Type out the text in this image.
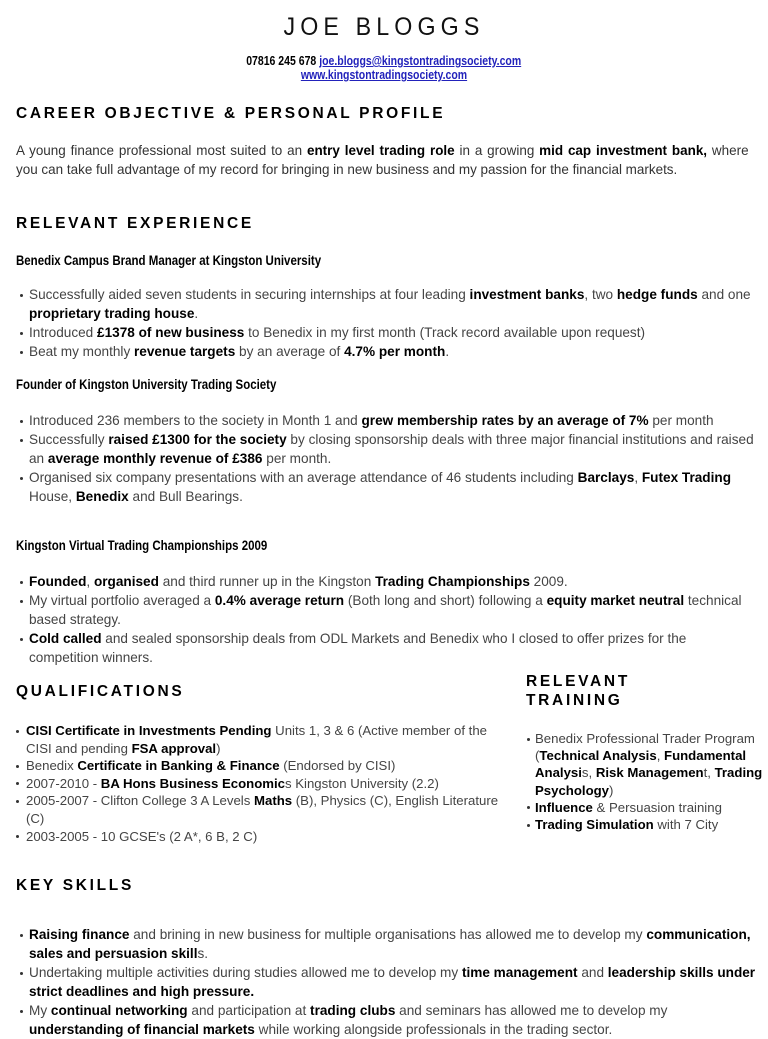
JOE BLOGGS
07816 245 678 joe.bloggs@kingstontradingsociety.com
www.kingstontradingsociety.com
CAREER OBJECTIVE & PERSONAL PROFILE
A young finance professional most suited to an entry level trading role in a growing mid cap investment bank, where you can take full advantage of my record for bringing in new business and my passion for the financial markets.
RELEVANT EXPERIENCE
Benedix Campus Brand Manager at Kingston University
Successfully aided seven students in securing internships at four leading investment banks, two hedge funds and one proprietary trading house.
Introduced £1378 of new business to Benedix in my first month (Track record available upon request)
Beat my monthly revenue targets by an average of 4.7% per month.
Founder of Kingston University Trading Society
Introduced 236 members to the society in Month 1 and grew membership rates by an average of 7% per month
Successfully raised £1300 for the society by closing sponsorship deals with three major financial institutions and raised an average monthly revenue of £386 per month.
Organised six company presentations with an average attendance of 46 students including Barclays, Futex Trading House, Benedix and Bull Bearings.
Kingston Virtual Trading Championships 2009
Founded, organised and third runner up in the Kingston Trading Championships 2009.
My virtual portfolio averaged a 0.4% average return (Both long and short) following a equity market neutral technical based strategy.
Cold called and sealed sponsorship deals from ODL Markets and Benedix who I closed to offer prizes for the competition winners.
QUALIFICATIONS
CISI Certificate in Investments Pending Units 1, 3 & 6 (Active member of the CISI and pending FSA approval)
Benedix Certificate in Banking & Finance (Endorsed by CISI)
2007-2010 - BA Hons Business Economics Kingston University (2.2)
2005-2007 - Clifton College 3 A Levels Maths (B), Physics (C), English Literature (C)
2003-2005 - 10 GCSE's (2 A*, 6 B, 2 C)
RELEVANT
TRAINING
Benedix Professional Trader Program (Technical Analysis, Fundamental Analysis, Risk Management, Trading Psychology)
Influence & Persuasion training
Trading Simulation with 7 City
KEY SKILLS
Raising finance and brining in new business for multiple organisations has allowed me to develop my communication, sales and persuasion skills.
Undertaking multiple activities during studies allowed me to develop my time management and leadership skills under strict deadlines and high pressure.
My continual networking and participation at trading clubs and seminars has allowed me to develop my understanding of financial markets while working alongside professionals in the trading sector.
